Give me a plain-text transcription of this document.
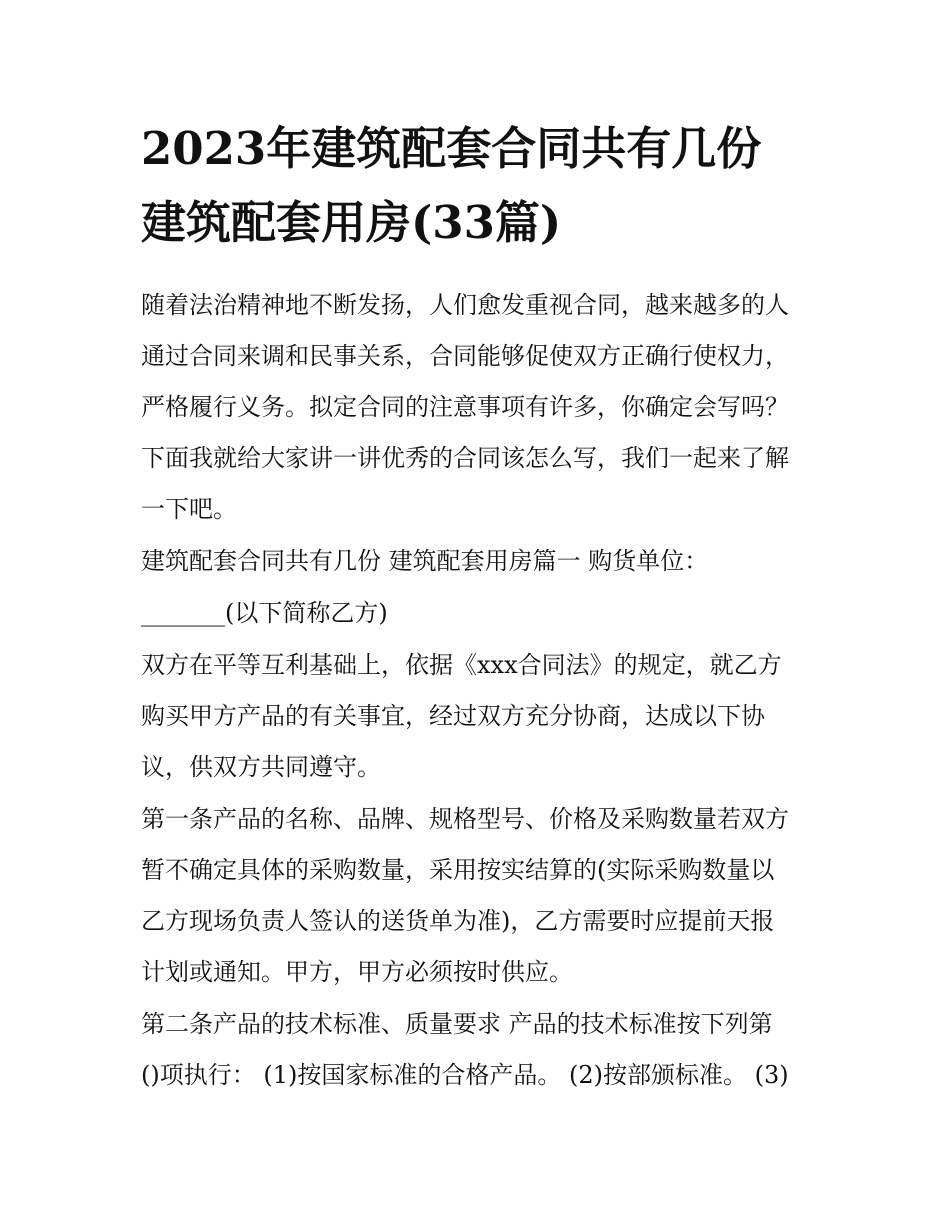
2023年建筑配套合同共有几份
建筑配套用房(33篇)

随着法治精神地不断发扬，人们愈发重视合同，越来越多的人
通过合同来调和民事关系，合同能够促使双方正确行使权力，
严格履行义务。拟定合同的注意事项有许多，你确定会写吗？
下面我就给大家讲一讲优秀的合同该怎么写，我们一起来了解
一下吧。

建筑配套合同共有几份 建筑配套用房篇一 购货单位：

_______(以下简称乙方)

双方在平等互利基础上，依据《xxx合同法》的规定，就乙方
购买甲方产品的有关事宜，经过双方充分协商，达成以下协
议，供双方共同遵守。

第一条产品的名称、品牌、规格型号、价格及采购数量若双方
暂不确定具体的采购数量，采用按实结算的(实际采购数量以
乙方现场负责人签认的送货单为准)，乙方需要时应提前天报
计划或通知。甲方，甲方必须按时供应。

第二条产品的技术标准、质量要求 产品的技术标准按下列第
()项执行： (1)按国家标准的合格产品。 (2)按部颁标准。 (3)
